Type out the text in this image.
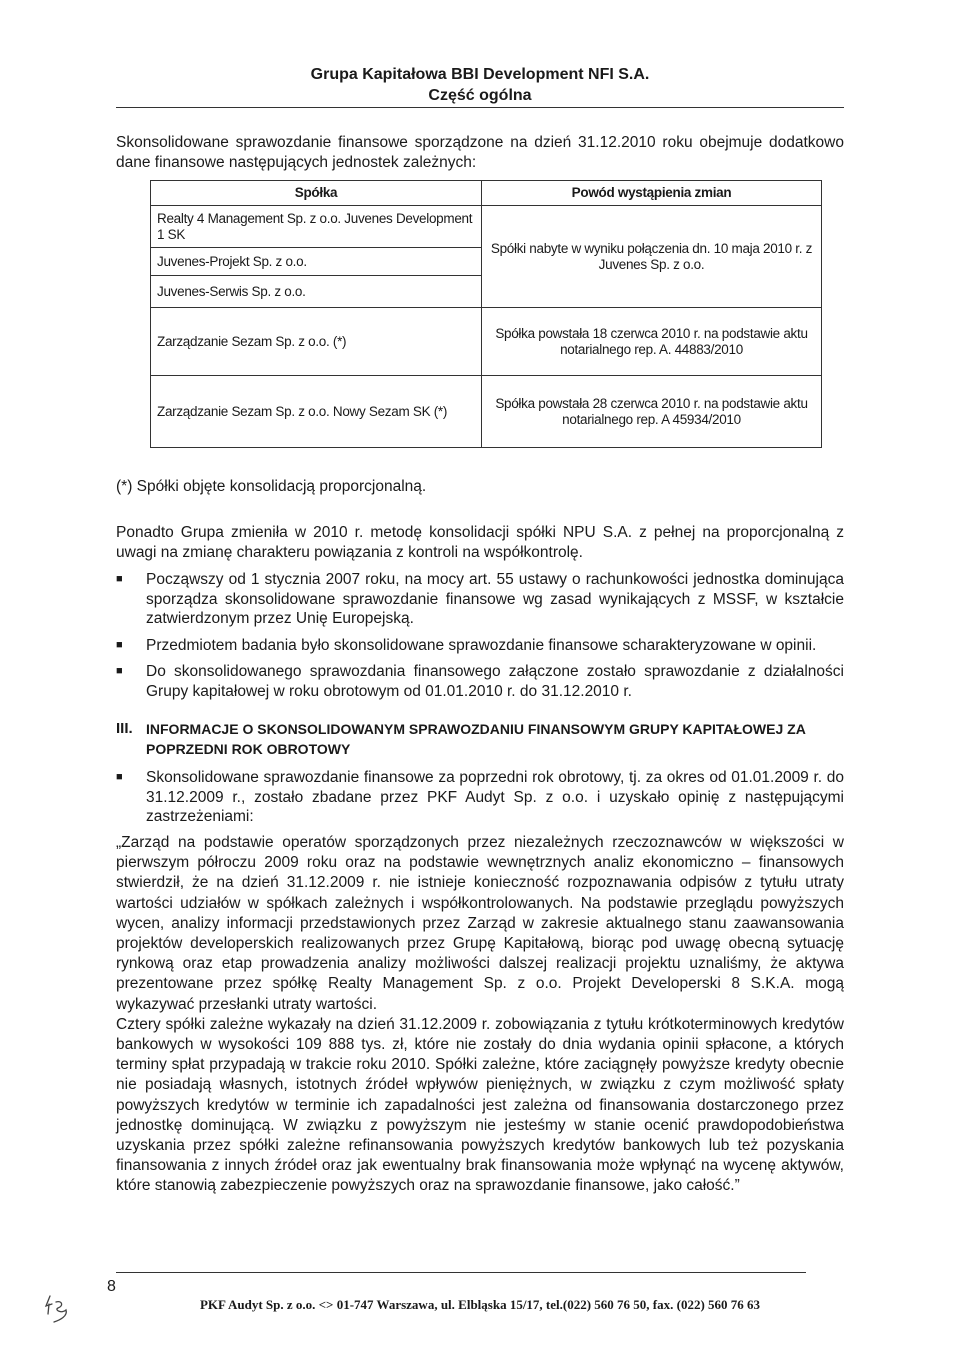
Grupa Kapitałowa BBI Development NFI S.A.
Część ogólna
Skonsolidowane sprawozdanie finansowe sporządzone na dzień 31.12.2010 roku obejmuje dodatkowo dane finansowe następujących jednostek zależnych:
Spółka	Powód wystąpienia zmian
Realty 4 Management Sp. z o.o. Juvenes Development 1 SK	Spółki nabyte w wyniku połączenia dn. 10 maja 2010 r. z Juvenes Sp. z o.o.
Juvenes-Projekt Sp. z o.o.	
Juvenes-Serwis Sp. z o.o.	
Zarządzanie Sezam Sp. z o.o. (*)	Spółka powstała 18 czerwca 2010 r. na podstawie aktu notarialnego rep. A. 44883/2010
Zarządzanie Sezam Sp. z o.o. Nowy Sezam SK (*)	Spółka powstała 28 czerwca 2010 r. na podstawie aktu notarialnego rep. A 45934/2010
(*) Spółki objęte konsolidacją proporcjonalną.
Ponadto Grupa zmieniła w 2010 r. metodę konsolidacji spółki NPU S.A. z pełnej na proporcjonalną z uwagi na zmianę charakteru powiązania z kontroli na współkontrolę.
■ Począwszy od 1 stycznia 2007 roku, na mocy art. 55 ustawy o rachunkowości jednostka dominująca sporządza skonsolidowane sprawozdanie finansowe wg zasad wynikających z MSSF, w kształcie zatwierdzonym przez Unię Europejską.
■ Przedmiotem badania było skonsolidowane sprawozdanie finansowe scharakteryzowane w opinii.
■ Do skonsolidowanego sprawozdania finansowego załączone zostało sprawozdanie z działalności Grupy kapitałowej w roku obrotowym od 01.01.2010 r. do 31.12.2010 r.
III. INFORMACJE O SKONSOLIDOWANYM SPRAWOZDANIU FINANSOWYM GRUPY KAPITAŁOWEJ ZA POPRZEDNI ROK OBROTOWY
■ Skonsolidowane sprawozdanie finansowe za poprzedni rok obrotowy, tj. za okres od 01.01.2009 r. do 31.12.2009 r., zostało zbadane przez PKF Audyt Sp. z o.o. i uzyskało opinię z następującymi zastrzeżeniami:

„Zarząd na podstawie operatów sporządzonych przez niezależnych rzeczoznawców w większości w pierwszym półroczu 2009 roku oraz na podstawie wewnętrznych analiz ekonomiczno – finansowych stwierdził, że na dzień 31.12.2009 r. nie istnieje konieczność rozpoznawania odpisów z tytułu utraty wartości udziałów w spółkach zależnych i współkontrolowanych. Na podstawie przeglądu powyższych wycen, analizy informacji przedstawionych przez Zarząd w zakresie aktualnego stanu zaawansowania projektów developerskich realizowanych przez Grupę Kapitałową, biorąc pod uwagę obecną sytuację rynkową oraz etap prowadzenia analizy możliwości dalszej realizacji projektu uznaliśmy, że aktywa prezentowane przez spółkę Realty Management Sp. z o.o. Projekt Developerski 8 S.K.A. mogą wykazywać przesłanki utraty wartości.

Cztery spółki zależne wykazały na dzień 31.12.2009 r. zobowiązania z tytułu krótkoterminowych kredytów bankowych w wysokości 109 888 tys. zł, które nie zostały do dnia wydania opinii spłacone, a których terminy spłat przypadają w trakcie roku 2010. Spółki zależne, które zaciągnęły powyższe kredyty obecnie nie posiadają własnych, istotnych źródeł wpływów pieniężnych, w związku z czym możliwość spłaty powyższych kredytów w terminie ich zapadalności jest zależna od finansowania dostarczonego przez jednostkę dominującą. W związku z powyższym nie jesteśmy w stanie ocenić prawdopodobieństwa uzyskania przez spółki zależne refinansowania powyższych kredytów bankowych lub też pozyskania finansowania z innych źródeł oraz jak ewentualny brak finansowania może wpłynąć na wycenę aktywów, które stanowią zabezpieczenie powyższych oraz na sprawozdanie finansowe, jako całość.”

8
PKF Audyt Sp. z o.o. <> 01-747 Warszawa, ul. Elbląska 15/17, tel.(022) 560 76 50, fax. (022) 560 76 63
